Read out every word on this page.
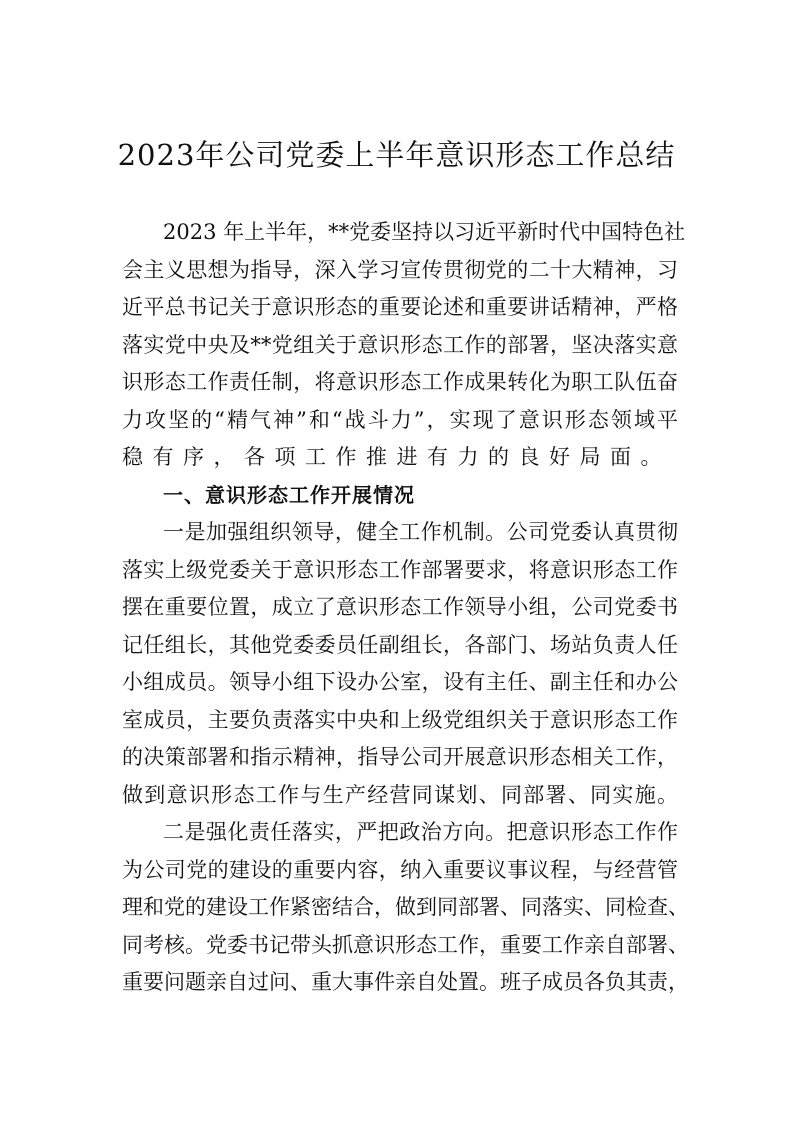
2023年公司党委上半年意识形态工作总结
2023 年上半年，**党委坚持以习近平新时代中国特色社
会主义思想为指导，深入学习宣传贯彻党的二十大精神，习
近平总书记关于意识形态的重要论述和重要讲话精神，严格
落实党中央及**党组关于意识形态工作的部署，坚决落实意
识形态工作责任制，将意识形态工作成果转化为职工队伍奋
力攻坚的“精气神”和“战斗力”，实现了意识形态领域平
稳有序，各项工作推进有力的良好局面。
一、意识形态工作开展情况
一是加强组织领导，健全工作机制。公司党委认真贯彻
落实上级党委关于意识形态工作部署要求，将意识形态工作
摆在重要位置，成立了意识形态工作领导小组，公司党委书
记任组长，其他党委委员任副组长，各部门、场站负责人任
小组成员。领导小组下设办公室，设有主任、副主任和办公
室成员，主要负责落实中央和上级党组织关于意识形态工作
的决策部署和指示精神，指导公司开展意识形态相关工作，
做到意识形态工作与生产经营同谋划、同部署、同实施。
二是强化责任落实，严把政治方向。把意识形态工作作
为公司党的建设的重要内容，纳入重要议事议程，与经营管
理和党的建设工作紧密结合，做到同部署、同落实、同检查、
同考核。党委书记带头抓意识形态工作，重要工作亲自部署、
重要问题亲自过问、重大事件亲自处置。班子成员各负其责，
